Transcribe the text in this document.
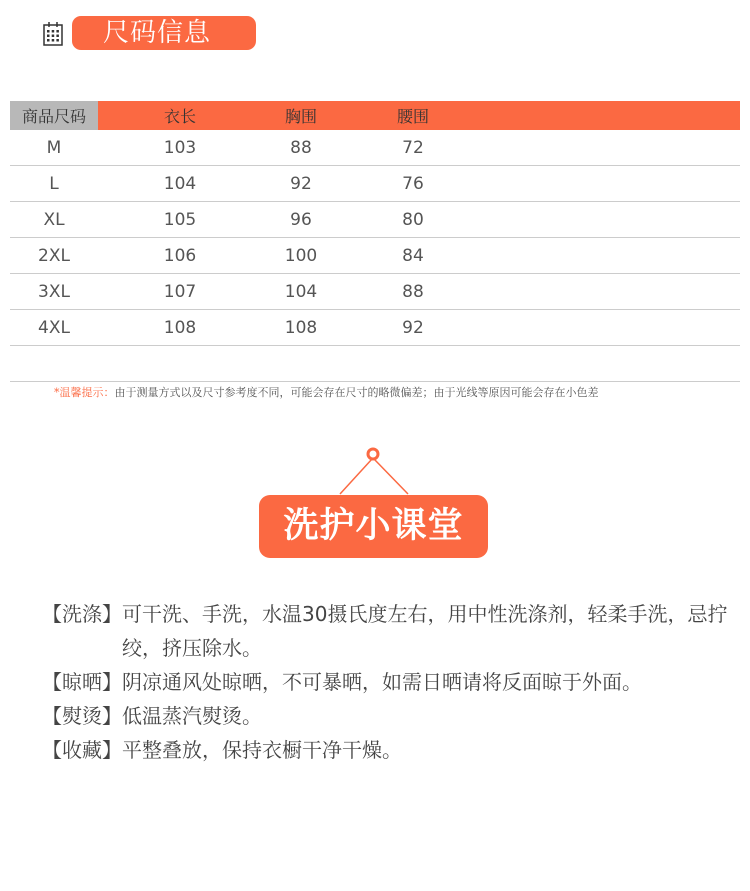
尺码信息
商品尺码	衣长	胸围	腰围	
M	103	88	72	
L	104	92	76	
XL	105	96	80	
2XL	106	100	84	
3XL	107	104	88	
4XL	108	108	92	
*温馨提示：由于测量方式以及尺寸参考度不同，可能会存在尺寸的略微偏差；由于光线等原因可能会存在小色差
洗护小课堂
【洗涤】 可干洗、手洗，水温30摄氏度左右，用中性洗涤剂，轻柔手洗，忌拧绞，挤压除水。
【晾晒】 阴凉通风处晾晒，不可暴晒，如需日晒请将反面晾于外面。
【熨烫】 低温蒸汽熨烫。
【收藏】 平整叠放，保持衣橱干净干燥。
